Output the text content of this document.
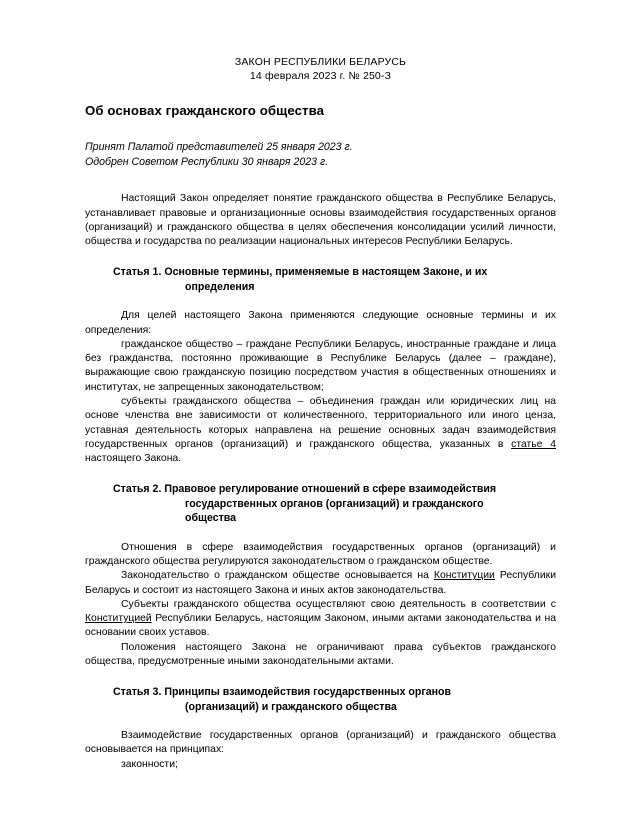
ЗАКОН РЕСПУБЛИКИ БЕЛАРУСЬ
14 февраля 2023 г. № 250-З
Об основах гражданского общества
Принят Палатой представителей 25 января 2023 г.
Одобрен Советом Республики 30 января 2023 г.

Настоящий Закон определяет понятие гражданского общества в Республике Беларусь, устанавливает правовые и организационные основы взаимодействия государственных органов (организаций) и гражданского общества в целях обеспечения консолидации усилий личности, общества и государства по реализации национальных интересов Республики Беларусь.

Статья 1. Основные термины, применяемые в настоящем Законе, и их
определения

Для целей настоящего Закона применяются следующие основные термины и их определения:

гражданское общество – граждане Республики Беларусь, иностранные граждане и лица без гражданства, постоянно проживающие в Республике Беларусь (далее – граждане), выражающие свою гражданскую позицию посредством участия в общественных отношениях и институтах, не запрещенных законодательством;

субъекты гражданского общества – объединения граждан или юридических лиц на основе членства вне зависимости от количественного, территориального или иного ценза, уставная деятельность которых направлена на решение основных задач взаимодействия государственных органов (организаций) и гражданского общества, указанных в статье 4 настоящего Закона.

Статья 2. Правовое регулирование отношений в сфере взаимодействия
государственных органов (организаций) и гражданского
общества

Отношения в сфере взаимодействия государственных органов (организаций) и гражданского общества регулируются законодательством о гражданском обществе.

Законодательство о гражданском обществе основывается на Конституции Республики Беларусь и состоит из настоящего Закона и иных актов законодательства.

Субъекты гражданского общества осуществляют свою деятельность в соответствии с Конституцией Республики Беларусь, настоящим Законом, иными актами законодательства и на основании своих уставов.

Положения настоящего Закона не ограничивают права субъектов гражданского общества, предусмотренные иными законодательными актами.

Статья 3. Принципы взаимодействия государственных органов
(организаций) и гражданского общества

Взаимодействие государственных органов (организаций) и гражданского общества основывается на принципах:

законности;
